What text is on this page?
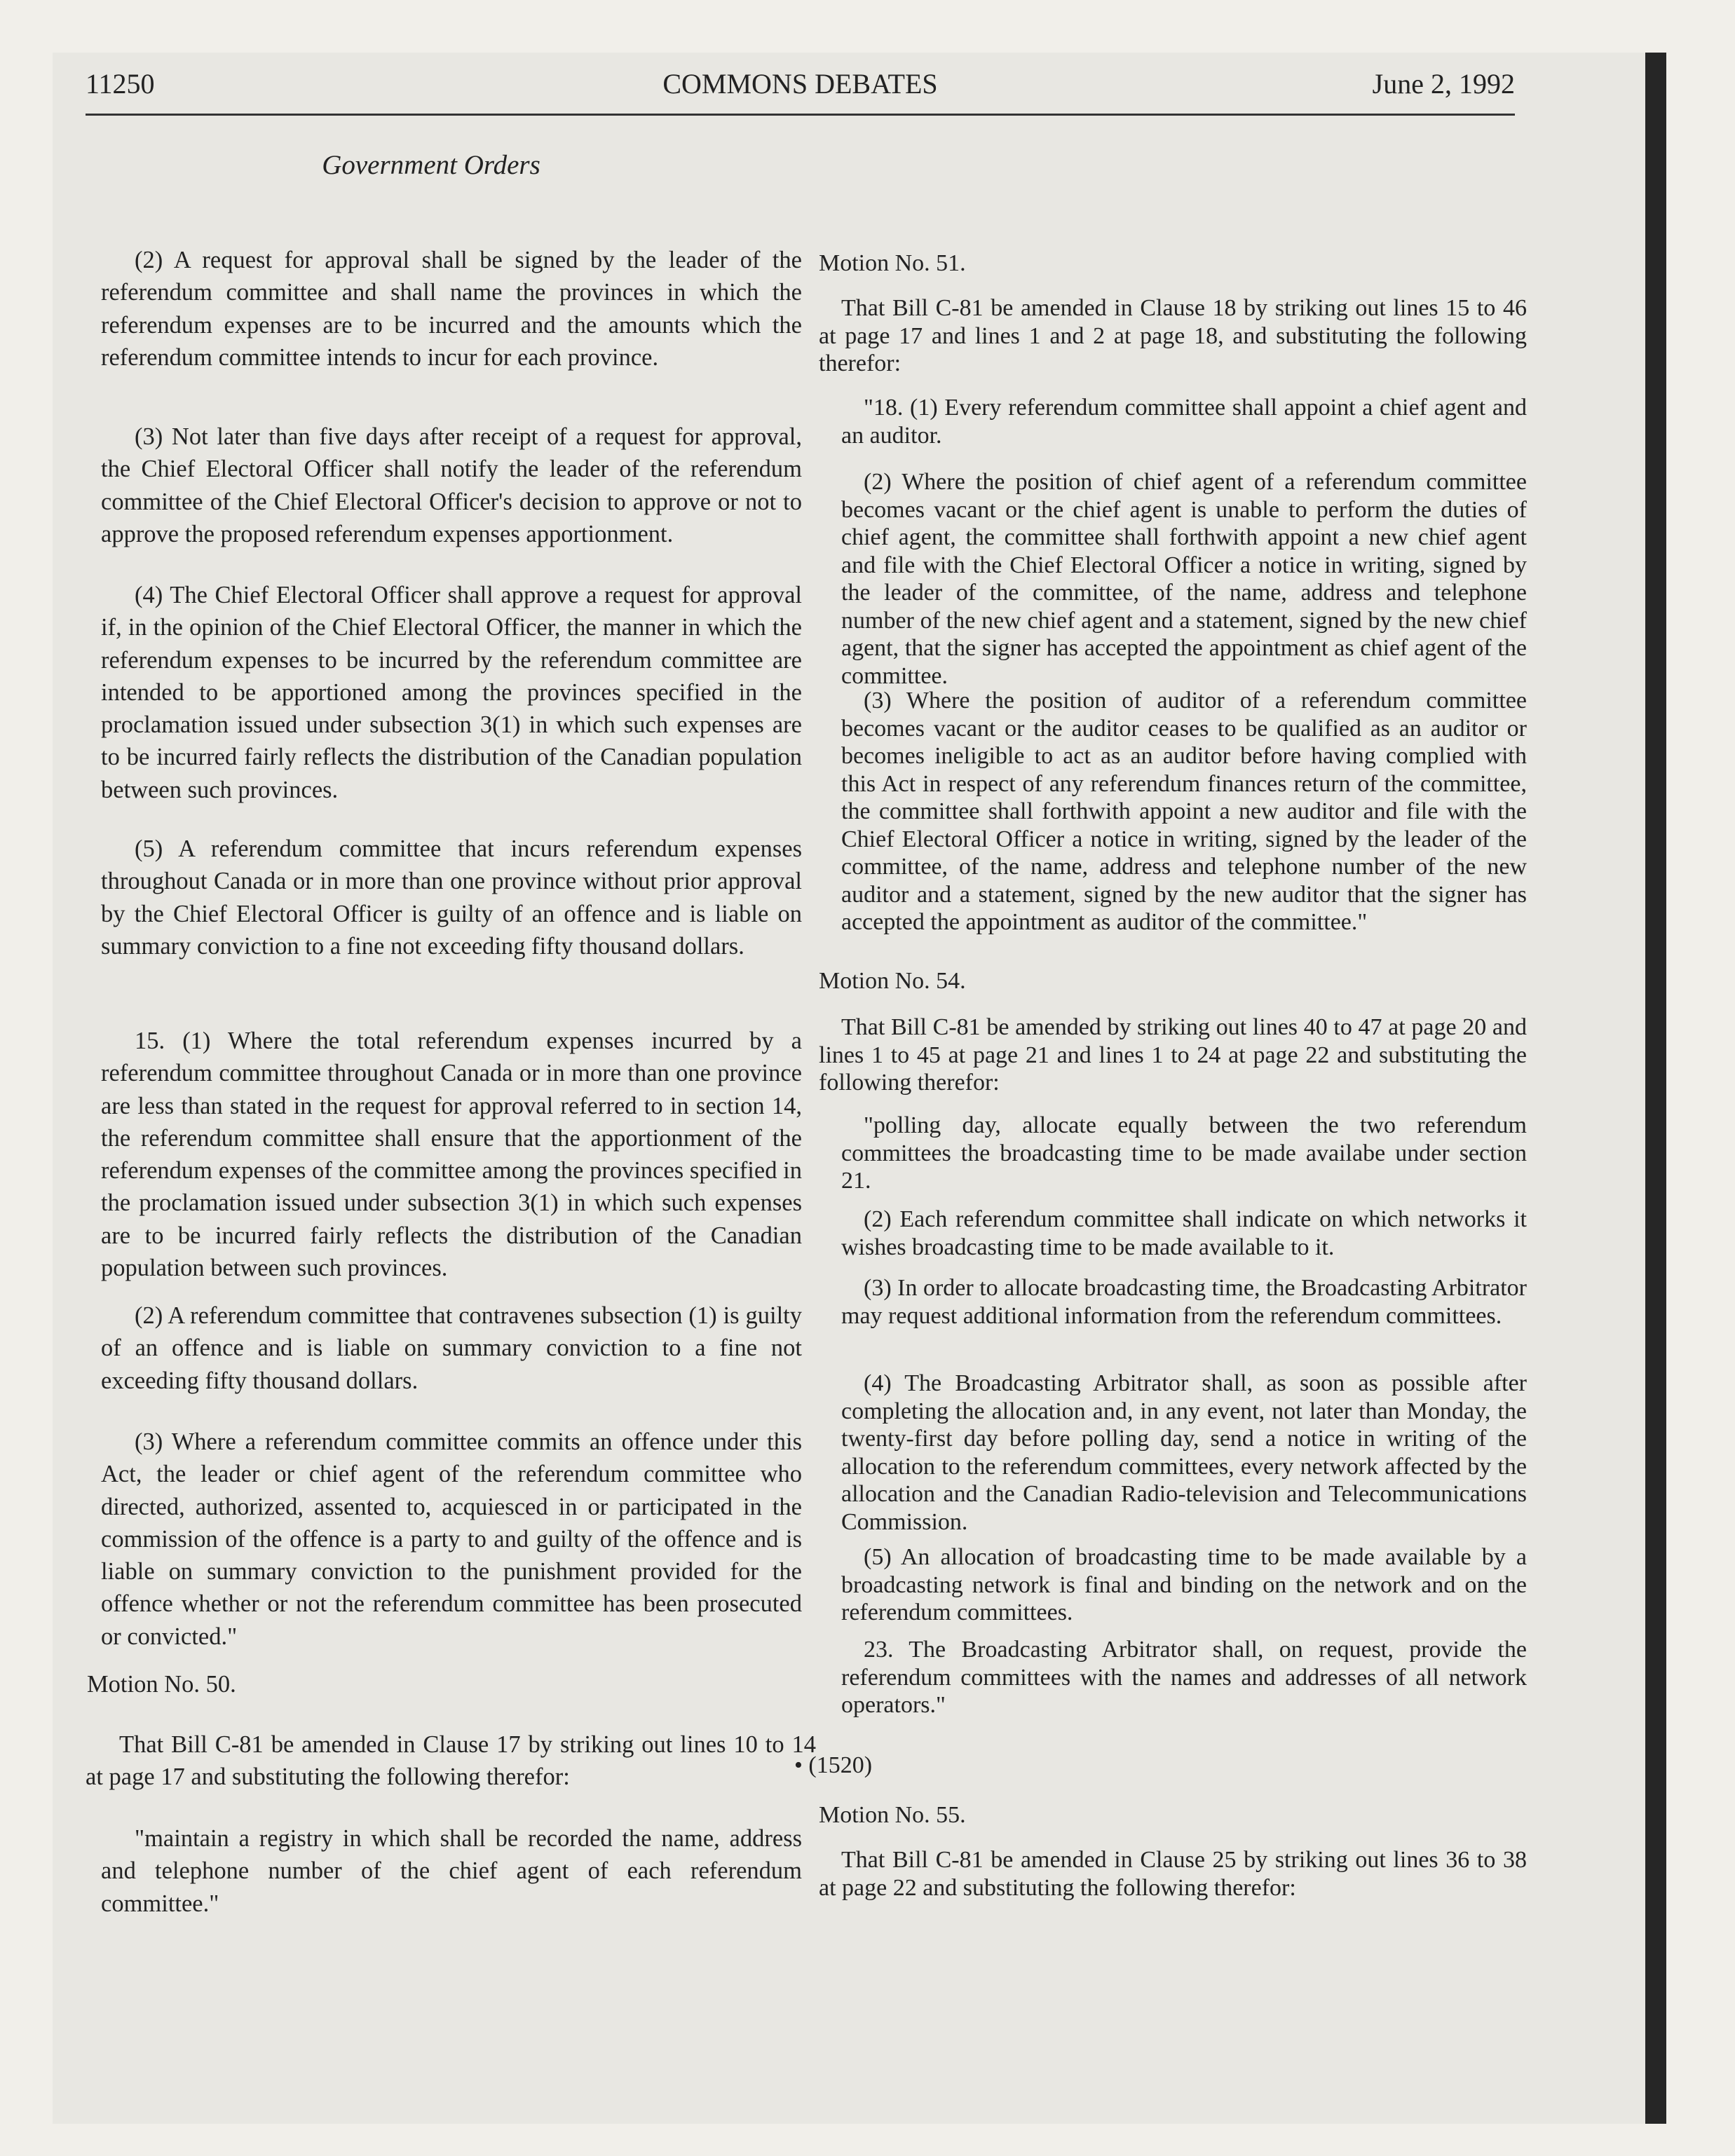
11250	COMMONS DEBATES	June 2, 1992
Government Orders

(2) A request for approval shall be signed by the leader of the referendum committee and shall name the provinces in which the referendum expenses are to be incurred and the amounts which the referendum committee intends to incur for each province.

(3) Not later than five days after receipt of a request for approval, the Chief Electoral Officer shall notify the leader of the referendum committee of the Chief Electoral Officer's decision to approve or not to approve the proposed referendum expenses apportionment.

(4) The Chief Electoral Officer shall approve a request for approval if, in the opinion of the Chief Electoral Officer, the manner in which the referendum expenses to be incurred by the referendum committee are intended to be apportioned among the provinces specified in the proclamation issued under subsection 3(1) in which such expenses are to be incurred fairly reflects the distribution of the Canadian population between such provinces.

(5) A referendum committee that incurs referendum expenses throughout Canada or in more than one province without prior approval by the Chief Electoral Officer is guilty of an offence and is liable on summary conviction to a fine not exceeding fifty thousand dollars.

15. (1) Where the total referendum expenses incurred by a referendum committee throughout Canada or in more than one province are less than stated in the request for approval referred to in section 14, the referendum committee shall ensure that the apportionment of the referendum expenses of the committee among the provinces specified in the proclamation issued under subsection 3(1) in which such expenses are to be incurred fairly reflects the distribution of the Canadian population between such provinces.

(2) A referendum committee that contravenes subsection (1) is guilty of an offence and is liable on summary conviction to a fine not exceeding fifty thousand dollars.

(3) Where a referendum committee commits an offence under this Act, the leader or chief agent of the referendum committee who directed, authorized, assented to, acquiesced in or participated in the commission of the offence is a party to and guilty of the offence and is liable on summary conviction to the punishment provided for the offence whether or not the referendum committee has been prosecuted or convicted."

Motion No. 50.

That Bill C-81 be amended in Clause 17 by striking out lines 10 to 14 at page 17 and substituting the following therefor:

"maintain a registry in which shall be recorded the name, address and telephone number of the chief agent of each referendum committee."

Motion No. 51.

That Bill C-81 be amended in Clause 18 by striking out lines 15 to 46 at page 17 and lines 1 and 2 at page 18, and substituting the following therefor:

"18. (1) Every referendum committee shall appoint a chief agent and an auditor.

(2) Where the position of chief agent of a referendum committee becomes vacant or the chief agent is unable to perform the duties of chief agent, the committee shall forthwith appoint a new chief agent and file with the Chief Electoral Officer a notice in writing, signed by the leader of the committee, of the name, address and telephone number of the new chief agent and a statement, signed by the new chief agent, that the signer has accepted the appointment as chief agent of the committee.

(3) Where the position of auditor of a referendum committee becomes vacant or the auditor ceases to be qualified as an auditor or becomes ineligible to act as an auditor before having complied with this Act in respect of any referendum finances return of the committee, the committee shall forthwith appoint a new auditor and file with the Chief Electoral Officer a notice in writing, signed by the leader of the committee, of the name, address and telephone number of the new auditor and a statement, signed by the new auditor that the signer has accepted the appointment as auditor of the committee."

Motion No. 54.

That Bill C-81 be amended by striking out lines 40 to 47 at page 20 and lines 1 to 45 at page 21 and lines 1 to 24 at page 22 and substituting the following therefor:

"polling day, allocate equally between the two referendum committees the broadcasting time to be made availabe under section 21.

(2) Each referendum committee shall indicate on which networks it wishes broadcasting time to be made available to it.

(3) In order to allocate broadcasting time, the Broadcasting Arbitrator may request additional information from the referendum committees.

(4) The Broadcasting Arbitrator shall, as soon as possible after completing the allocation and, in any event, not later than Monday, the twenty-first day before polling day, send a notice in writing of the allocation to the referendum committees, every network affected by the allocation and the Canadian Radio-television and Telecommunications Commission.

(5) An allocation of broadcasting time to be made available by a broadcasting network is final and binding on the network and on the referendum committees.

23. The Broadcasting Arbitrator shall, on request, provide the referendum committees with the names and addresses of all network operators."

• (1520)

Motion No. 55.

That Bill C-81 be amended in Clause 25 by striking out lines 36 to 38 at page 22 and substituting the following therefor:
